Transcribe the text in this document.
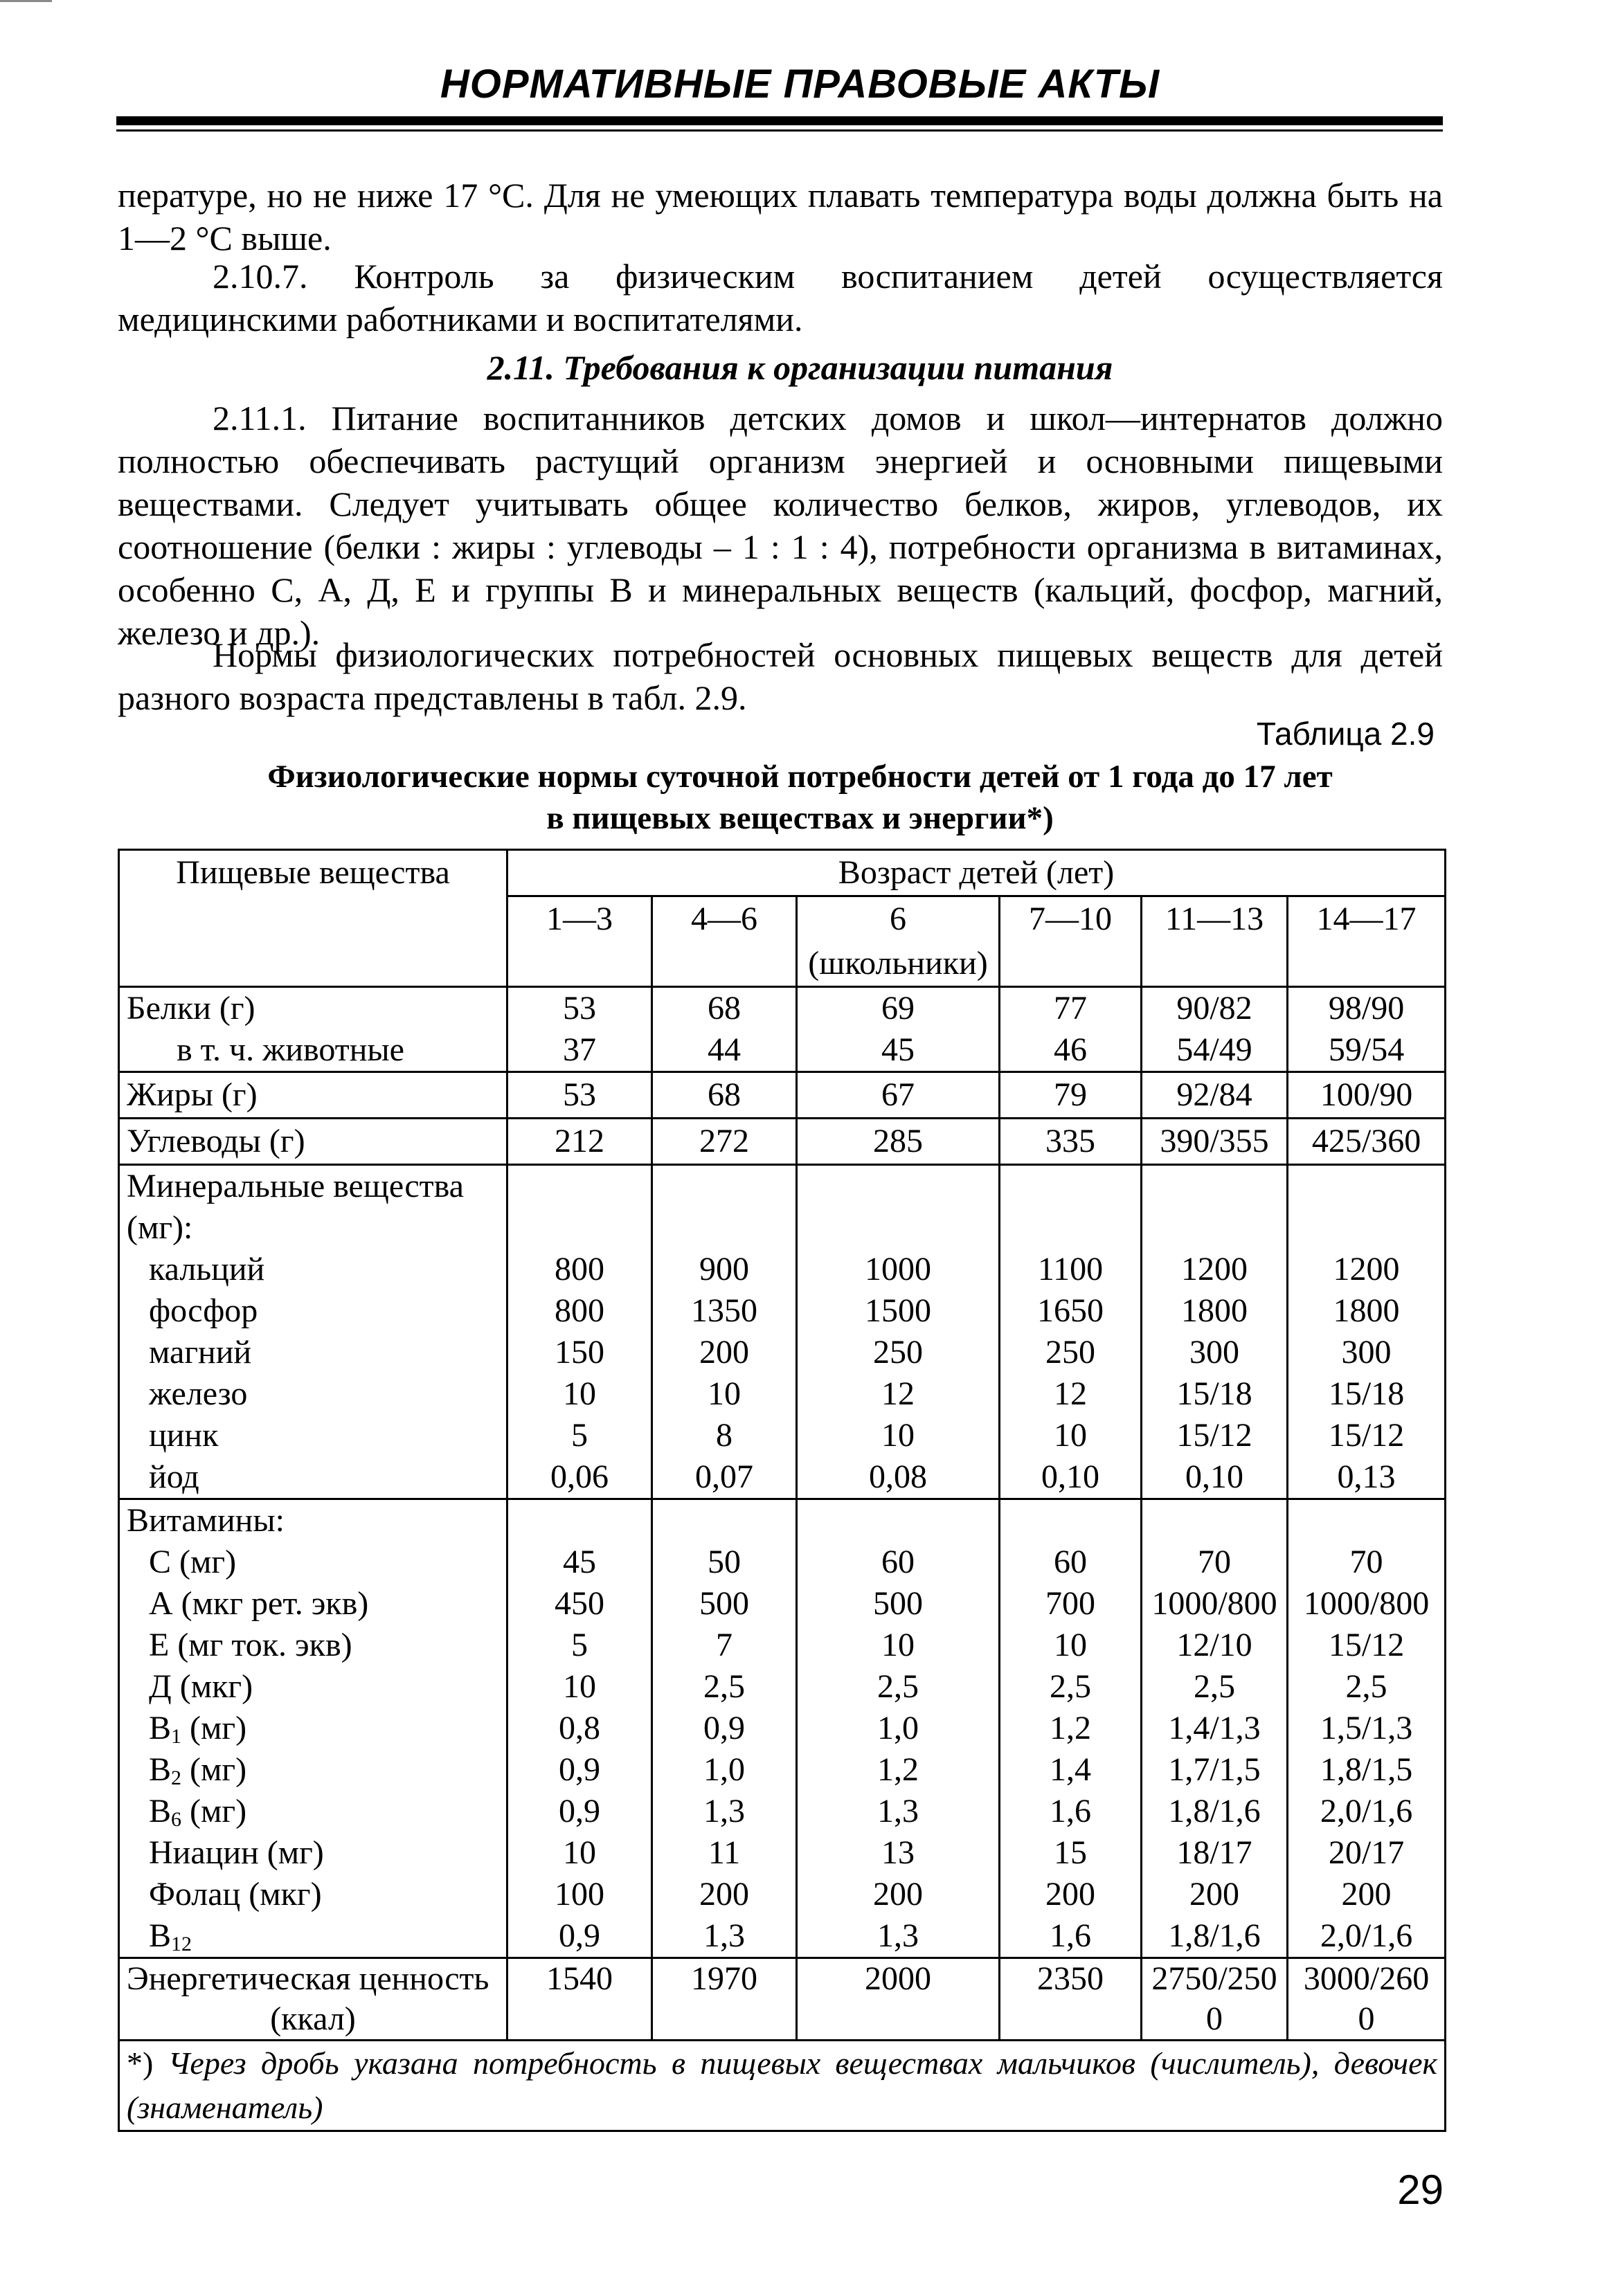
НОРМАТИВНЫЕ ПРАВОВЫЕ АКТЫ
пературе, но не ниже 17 °С. Для не умеющих плавать температура воды должна быть на 1—2 °С выше.
2.10.7. Контроль за физическим воспитанием детей осуществляется медицинскими работниками и воспитателями.
2.11. Требования к организации питания
2.11.1. Питание воспитанников детских домов и школ—интернатов должно полностью обеспечивать растущий организм энергией и основными пищевыми веществами. Следует учитывать общее количество белков, жиров, углеводов, их соотношение (белки : жиры : углеводы – 1 : 1 : 4), потребности организма в витаминах, особенно С, А, Д, Е и группы В и минеральных веществ (кальций, фосфор, магний, железо и др.).
Нормы физиологических потребностей основных пищевых веществ для детей разного возраста представлены в табл. 2.9.
Таблица 2.9
Физиологические нормы суточной потребности детей от 1 года до 17 лет
в пищевых веществах и энергии*)
Пищевые вещества	Возраст детей (лет)					
	1—3	4—6	6 (школьники)	7—10	11—13	14—17
Белки (г)	53	68	69	77	90/82	98/90
в т. ч. животные	37	44	45	46	54/49	59/54
Жиры (г)	53	68	67	79	92/84	100/90
Углеводы (г)	212	272	285	335	390/355	425/360
Минеральные вещества (мг):						
кальций	800	900	1000	1100	1200	1200
фосфор	800	1350	1500	1650	1800	1800
магний	150	200	250	250	300	300
железо	10	10	12	12	15/18	15/18
цинк	5	8	10	10	15/12	15/12
йод	0,06	0,07	0,08	0,10	0,10	0,13
Витамины:						
С (мг)	45	50	60	60	70	70
А (мкг рет. экв)	450	500	500	700	1000/800	1000/800
Е (мг ток. экв)	5	7	10	10	12/10	15/12
Д (мкг)	10	2,5	2,5	2,5	2,5	2,5
$В_1$ (мг)	0,8	0,9	1,0	1,2	1,4/1,3	1,5/1,3
$В_2$ (мг)	0,9	1,0	1,2	1,4	1,7/1,5	1,8/1,5
$В_6$ (мг)	0,9	1,3	1,3	1,6	1,8/1,6	2,0/1,6
Ниацин (мг)	10	11	13	15	18/17	20/17
Фолац (мкг)	100	200	200	200	200	200
$В_{12}$	0,9	1,3	1,3	1,6	1,8/1,6	2,0/1,6

Энергетическая ценность
(ккал)	1540	1970	2000	2350	2750/250 0	3000/260 0
*) Через дробь указана потребность в пищевых веществах мальчиков (числитель), девочек (знаменатель)						
29
